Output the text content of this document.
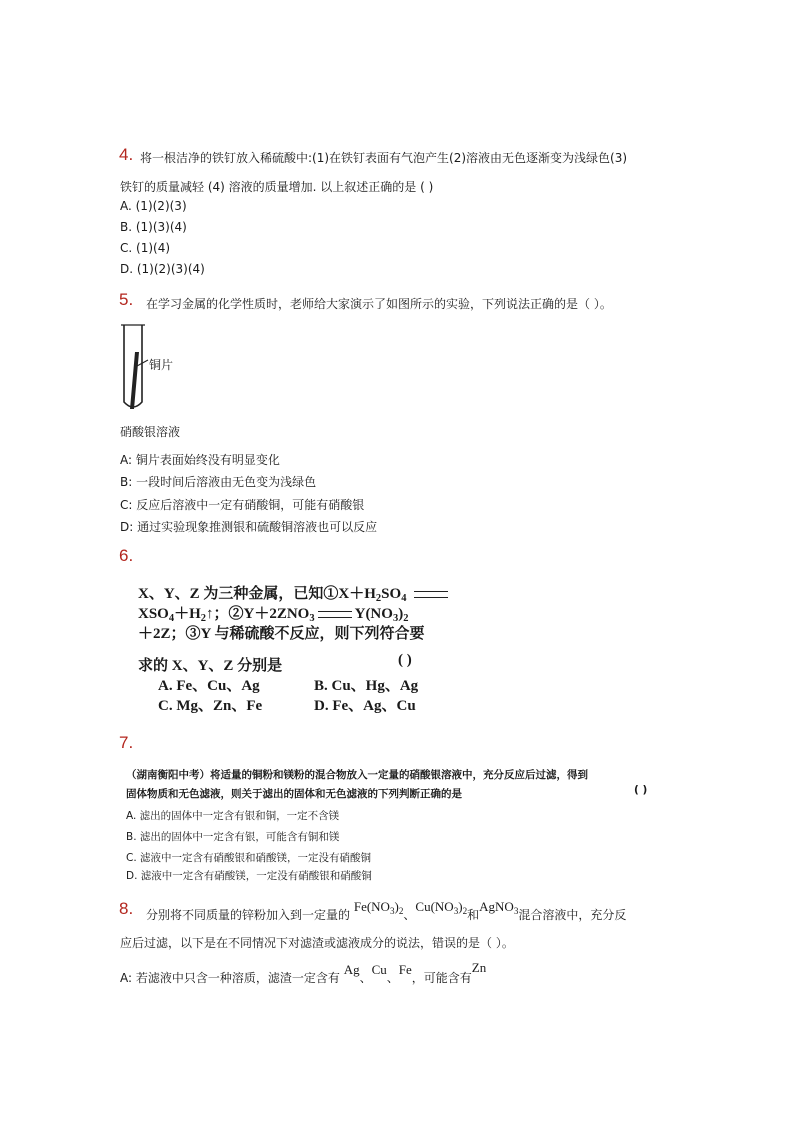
4. 将一根洁净的铁钉放入稀硫酸中:(1)在铁钉表面有气泡产生(2)溶液由无色逐渐变为浅绿色(3)
铁钉的质量减轻 (4) 溶液的质量增加. 以上叙述正确的是 ( )
A. (1)(2)(3)
B. (1)(3)(4)
C. (1)(4)
D. (1)(2)(3)(4)
5. 在学习金属的化学性质时，老师给大家演示了如图所示的实验，下列说法正确的是（ ）。
铜片
硝酸银溶液
A: 铜片表面始终没有明显变化
B: 一段时间后溶液由无色变为浅绿色
C: 反应后溶液中一定有硝酸铜，可能有硝酸银
D: 通过实验现象推测银和硫酸铜溶液也可以反应
6.
X、Y、Z 为三种金属，已知$①X+H_2SO_4$
$XSO_4+H_2↑$；$②Y+2ZNO_3$	$Y(NO_3)_2$
＋2Z；③Y 与稀硫酸不反应，则下列符合要
求的 X、Y、Z 分别是	( )
A. Fe、Cu、Ag	B. Cu、Hg、Ag
C. Mg、Zn、Fe	D. Fe、Ag、Cu
7.
（湖南衡阳中考）将适量的铜粉和镁粉的混合物放入一定量的硝酸银溶液中，充分反应后过滤，得到
固体物质和无色滤液，则关于滤出的固体和无色滤液的下列判断正确的是	( )
A. 滤出的固体中一定含有银和铜，一定不含镁
B. 滤出的固体中一定含有银，可能含有铜和镁
C. 滤液中一定含有硝酸银和硝酸镁，一定没有硝酸铜
D. 滤液中一定含有硝酸镁，一定没有硝酸银和硝酸铜
8. 分别将不同质量的锌粉加入到一定量的 $Fe(NO_3)_2$、$Cu(NO_3)_2$和AgNO$_3$混合溶液中，充分反
应后过滤，以下是在不同情况下对滤渣或滤液成分的说法，错误的是（ ）。
A: 若滤液中只含一种溶质，滤渣一定含有 Ag、Cu、Fe，可能含有Zn
